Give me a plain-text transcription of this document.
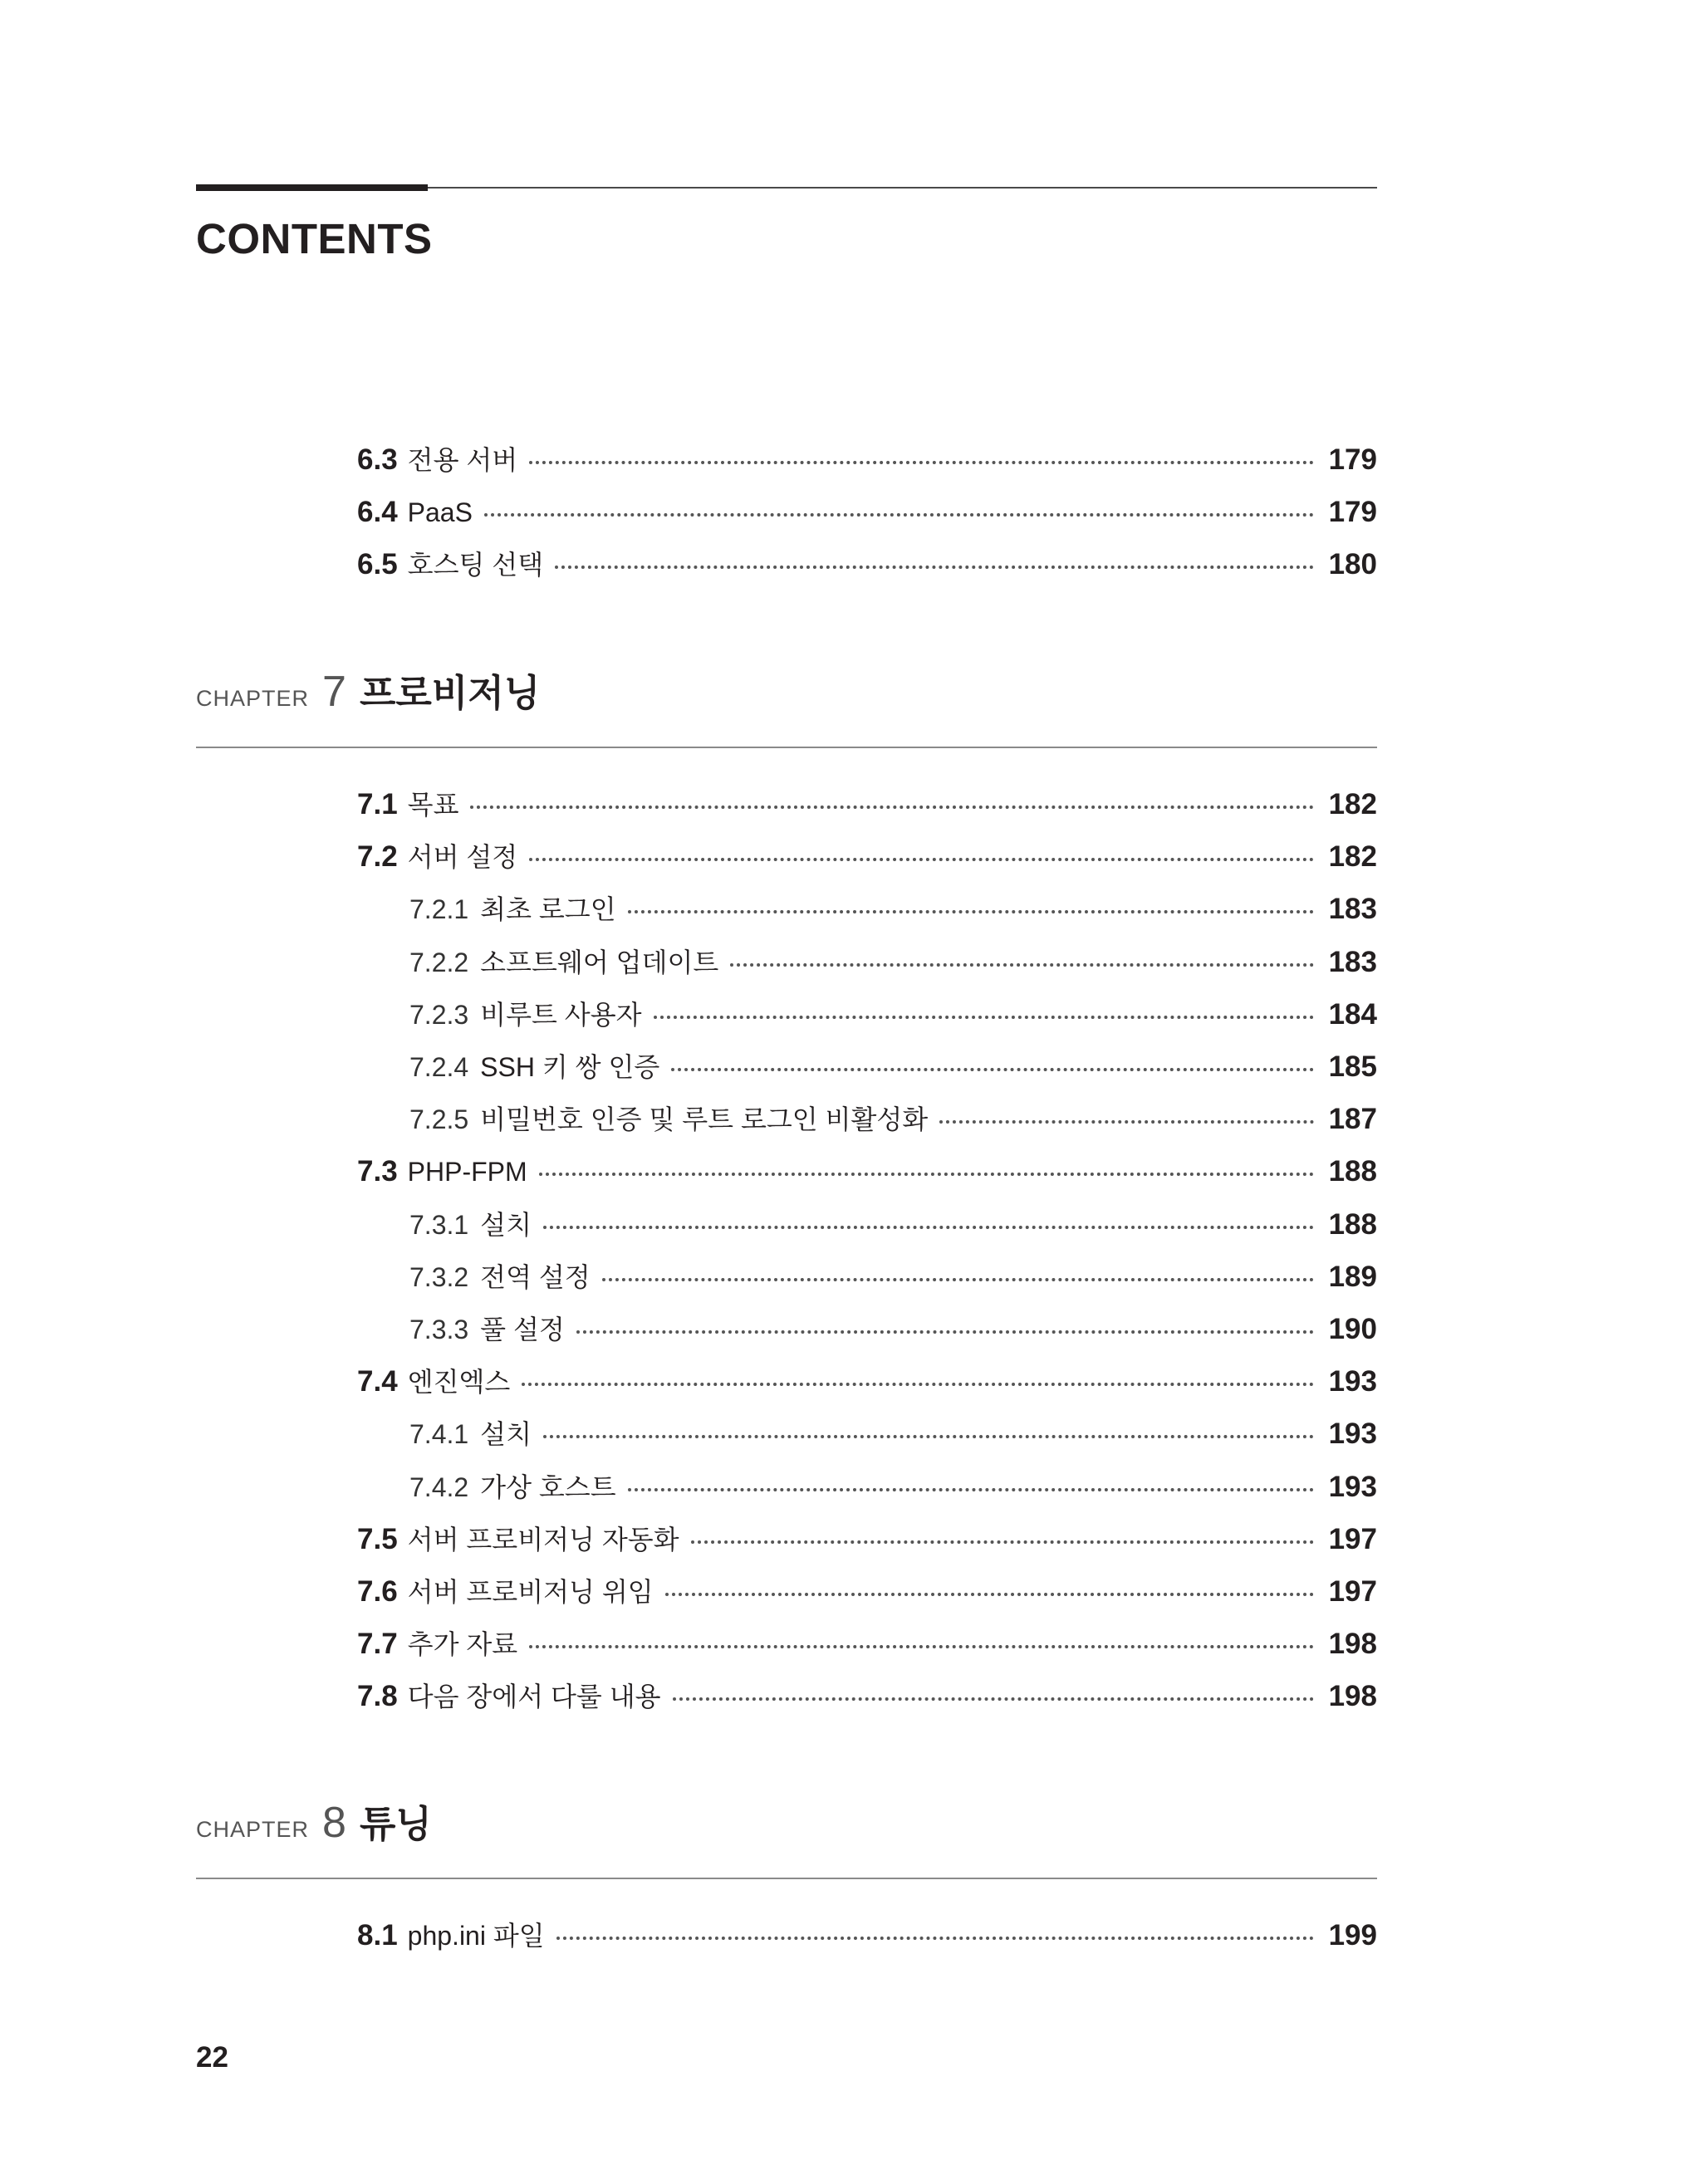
CONTENTS
6.3 전용 서버	179
6.4 PaaS	179
6.5 호스팅 선택	180
CHAPTER 7 프로비저닝
7.1 목표	182
7.2 서버 설정	182
7.2.1 최초 로그인	183
7.2.2 소프트웨어 업데이트	183
7.2.3 비루트 사용자	184
7.2.4 SSH 키 쌍 인증	185
7.2.5 비밀번호 인증 및 루트 로그인 비활성화	187
7.3 PHP-FPM	188
7.3.1 설치	188
7.3.2 전역 설정	189
7.3.3 풀 설정	190
7.4 엔진엑스	193
7.4.1 설치	193
7.4.2 가상 호스트	193
7.5 서버 프로비저닝 자동화	197
7.6 서버 프로비저닝 위임	197
7.7 추가 자료	198
7.8 다음 장에서 다룰 내용	198
CHAPTER 8 튜닝
8.1 php.ini 파일	199
22
